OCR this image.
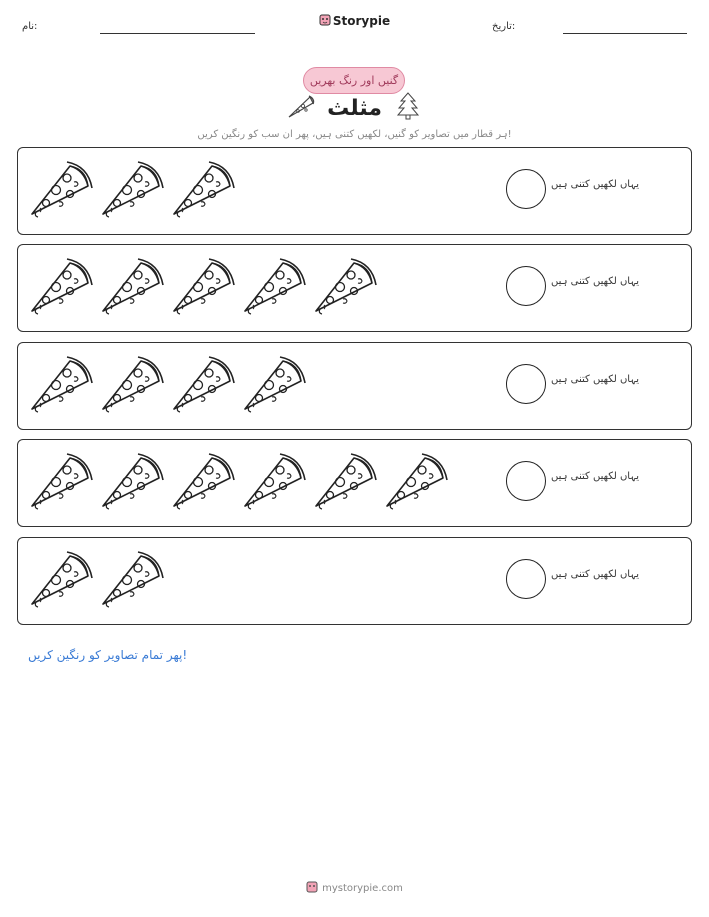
نام:	Storypie	تاریخ:
گنیں اور رنگ بھریں
مثلث
ہر قطار میں تصاویر کو گنیں، لکھیں کتنی ہیں، پھر ان سب کو رنگین کریں!
یہاں لکھیں کتنی ہیں
یہاں لکھیں کتنی ہیں
یہاں لکھیں کتنی ہیں
یہاں لکھیں کتنی ہیں
یہاں لکھیں کتنی ہیں
پھر تمام تصاویر کو رنگین کریں!
mystorypie.com
